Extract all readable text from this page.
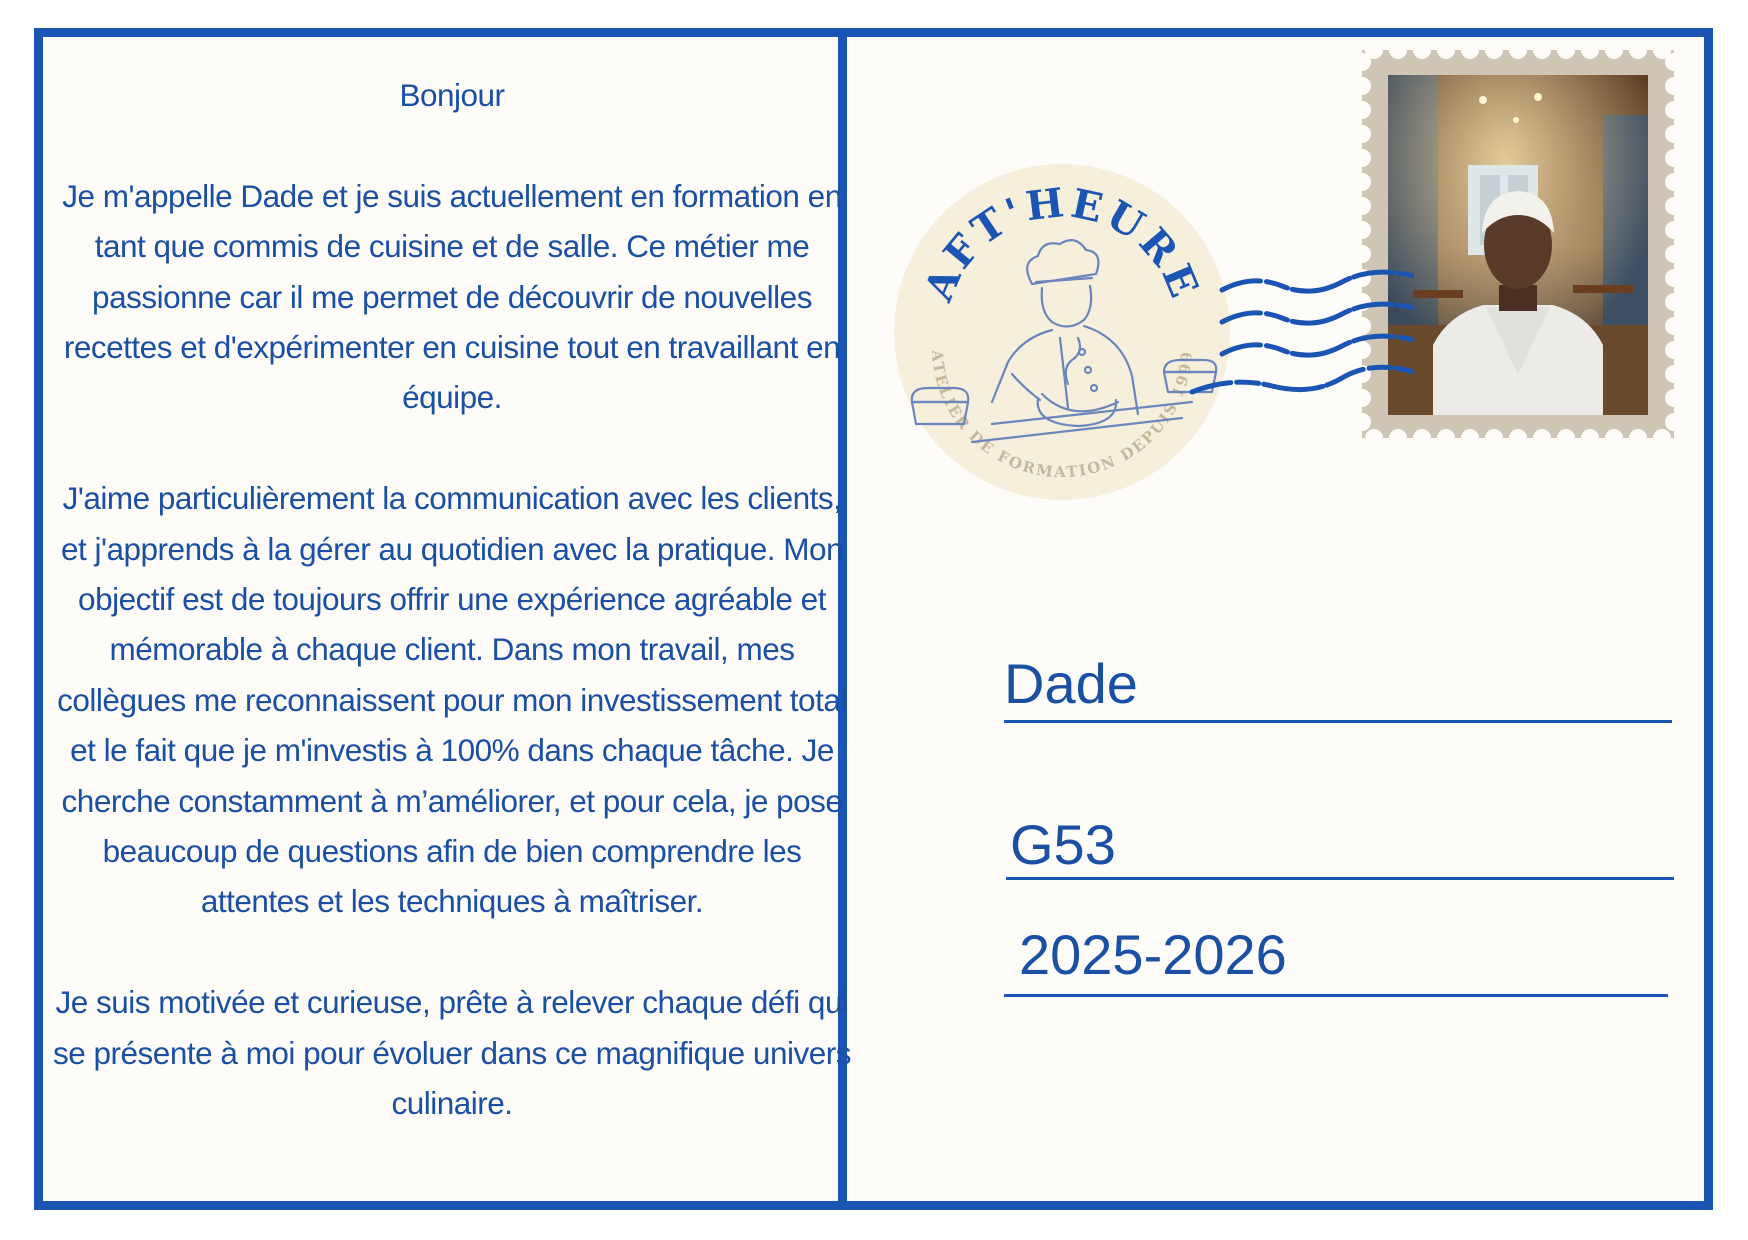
Bonjour

Je m'appelle Dade et je suis actuellement en formation en tant que commis de cuisine et de salle. Ce métier me passionne car il me permet de découvrir de nouvelles recettes et d'expérimenter en cuisine tout en travaillant en équipe.

J'aime particulièrement la communication avec les clients, et j'apprends à la gérer au quotidien avec la pratique. Mon objectif est de toujours offrir une expérience agréable et mémorable à chaque client. Dans mon travail, mes collègues me reconnaissent pour mon investissement total et le fait que je m'investis à 100% dans chaque tâche. Je cherche constamment à m’améliorer, et pour cela, je pose beaucoup de questions afin de bien comprendre les attentes et les techniques à maîtriser.

Je suis motivée et curieuse, prête à relever chaque défi qui se présente à moi pour évoluer dans ce magnifique univers culinaire.

AFT'HEURE
ATELIER DE FORMATION DEPUIS 1999
Dade
G53
2025-2026
